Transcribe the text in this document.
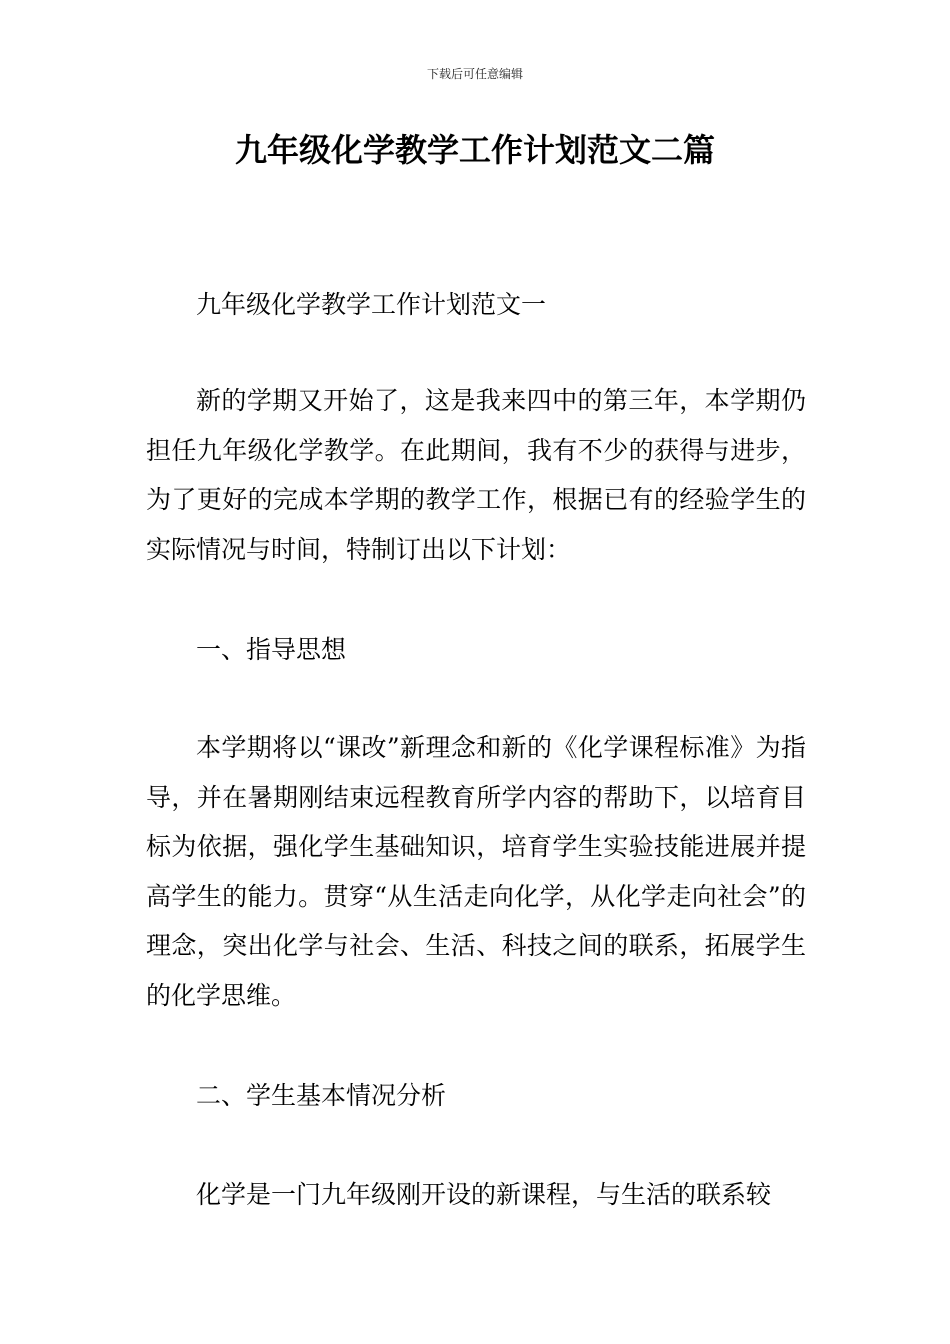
下载后可任意编辑
九年级化学教学工作计划范文二篇

九年级化学教学工作计划范文一

新的学期又开始了，这是我来四中的第三年，本学期仍担任九年级化学教学。在此期间，我有不少的获得与进步，为了更好的完成本学期的教学工作，根据已有的经验学生的实际情况与时间，特制订出以下计划：

一、指导思想

本学期将以“课改”新理念和新的《化学课程标准》为指导，并在暑期刚结束远程教育所学内容的帮助下，以培育目标为依据，强化学生基础知识，培育学生实验技能进展并提高学生的能力。贯穿“从生活走向化学，从化学走向社会”的理念，突出化学与社会、生活、科技之间的联系，拓展学生的化学思维。

二、学生基本情况分析

化学是一门九年级刚开设的新课程，与生活的联系较
